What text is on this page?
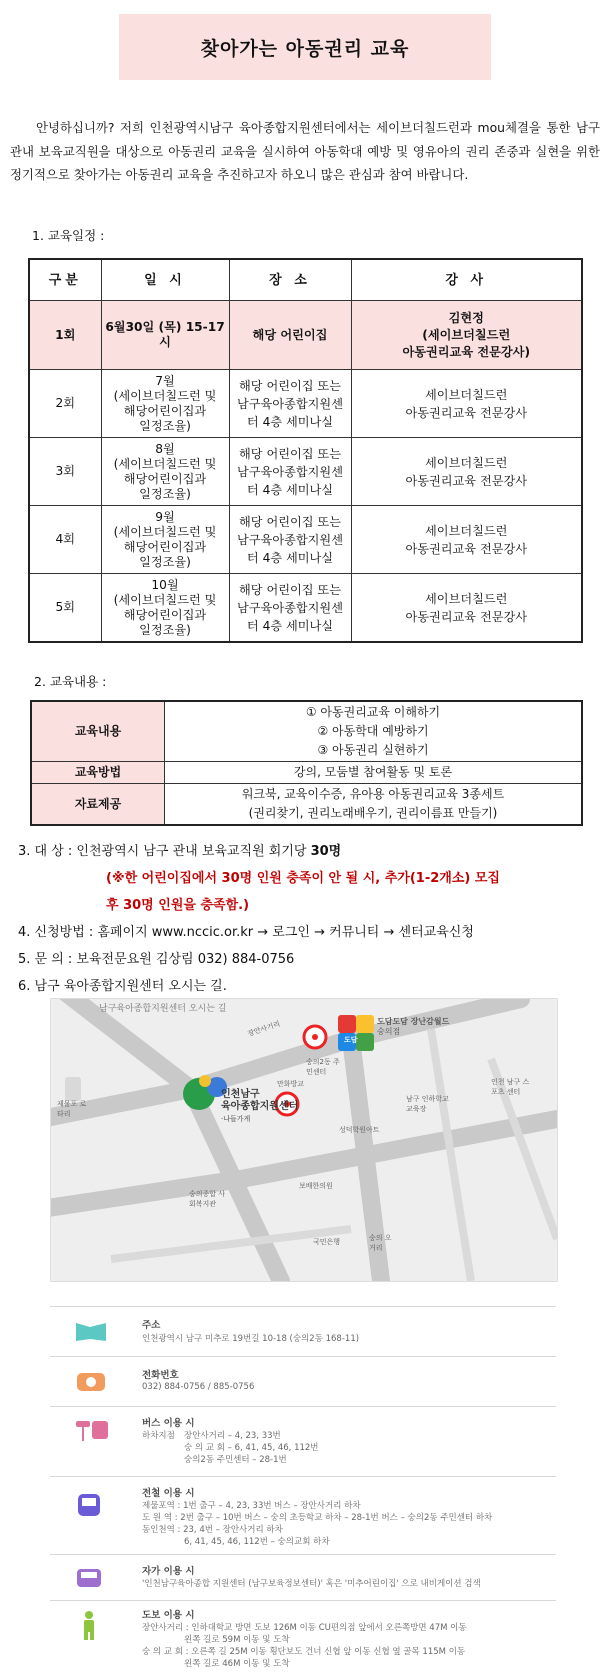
찾아가는 아동권리 교육
안녕하십니까? 저희 인천광역시남구 육아종합지원센터에서는 세이브더칠드런과 mou체결을 통한 남구 관내 보육교직원을 대상으로 아동권리 교육을 실시하여 아동학대 예방 및 영유아의 권리 존중과 실현을 위한 정기적으로 찾아가는 아동권리 교육을 추진하고자 하오니 많은 관심과 참여 바랍니다.
1. 교육일정 :
구분	일 시	장 소	강 사
1회	6월30일 (목) 15-17시	해당 어린이집	김현정
(세이브더칠드런
아동권리교육 전문강사)
2회	7월
(세이브더칠드런 및
해당어린이집과
일정조율)	해당 어린이집 또는
남구육아종합지원센
터 4층 세미나실	세이브더칠드런
아동권리교육 전문강사
3회	8월
(세이브더칠드런 및
해당어린이집과
일정조율)	해당 어린이집 또는
남구육아종합지원센
터 4층 세미나실	세이브더칠드런
아동권리교육 전문강사
4회	9월
(세이브더칠드런 및
해당어린이집과
일정조율)	해당 어린이집 또는
남구육아종합지원센
터 4층 세미나실	세이브더칠드런
아동권리교육 전문강사
5회	10월
(세이브더칠드런 및
해당어린이집과
일정조율)	해당 어린이집 또는
남구육아종합지원센
터 4층 세미나실	세이브더칠드런
아동권리교육 전문강사
2. 교육내용 :
교육내용	① 아동권리교육 이해하기
② 아동학대 예방하기
③ 아동권리 실현하기

교육방법	강의, 모둠별 참여활동 및 토론
자료제공	워크북, 교육이수증, 유아용 아동권리교육 3종세트
(권리찾기, 권리노래배우기, 권리이름표 만들기)
3. 대 상 : 인천광역시 남구 관내 보육교직원 회기당 30명
(※한 어린이집에서 30명 인원 충족이 안 될 시, 추가(1-2개소) 모집
후 30명 인원을 충족함.)
4. 신청방법 : 홈페이지 www.nccic.or.kr → 로그인 → 커뮤니티 → 센터교육신청
5. 문 의 : 보육전문요원 김상림 032) 884-0756
6. 남구 육아종합지원센터 오시는 길.
남구육아종합지원센터 오시는 길
인천남구
육아종합지원센터
·나들가게
도담도담 장난감월드
숭의점
도담
장안사거리
숭의2동 주민센터
만화방교
제물포 로타리
남구 인하학교 교육장
인천 남구 스포츠 센터
성덕학원아트
숭의종합 사회복지관
보배한의원
국민은행	숭의 오거리
주소
인천광역시 남구 미추로 19번길 10-18 (숭의2동 168-11)
전화번호
032) 884-0756 / 885-0756
버스 이용 시
하차지점 장안사거리 – 4, 23, 33번
숭 의 교 회 – 6, 41, 45, 46, 112번
숭의2동 주민센터 – 28-1번
전철 이용 시
제물포역 : 1번 출구 – 4, 23, 33번 버스 – 장안사거리 하차
도 원 역 : 2번 출구 – 10번 버스 – 숭의 초등학교 하차 – 28-1번 버스 – 숭의2동 주민센터 하차
동인천역 : 23, 4번 – 장안사거리 하차
6, 41, 45, 46, 112번 – 숭의교회 하차
자가 이용 시
'인천남구육아종합 지원센터 (남구보육정보센터)' 혹은 '미추어린이집' 으로 내비게이션 검색
도보 이용 시
장안사거리 : 인하대학교 방면 도보 126M 이동 CU편의점 앞에서 오른쪽방면 47M 이동
왼쪽 길로 59M 이동 및 도착
숭 의 교 회 : 오른쪽 길 25M 이동 횡단보도 건너 신협 앞 이동 신협 옆 골목 115M 이동
왼쪽 길로 46M 이동 및 도착
